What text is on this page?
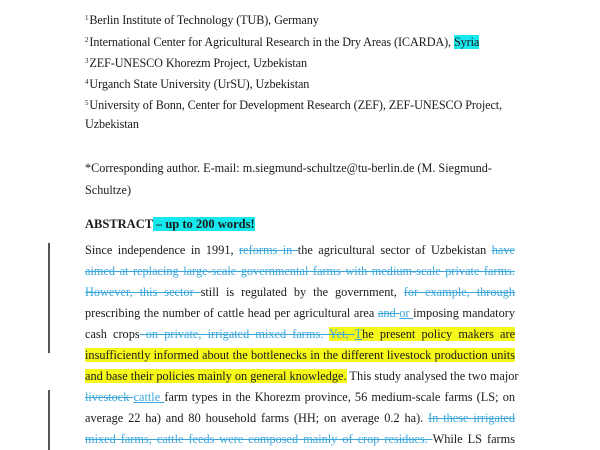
$^1$Berlin Institute of Technology (TUB), Germany
$^2$International Center for Agricultural Research in the Dry Areas (ICARDA), Syria
$^3$ZEF-UNESCO Khorezm Project, Uzbekistan
$^4$Urganch State University (UrSU), Uzbekistan
$^5$University of Bonn, Center for Development Research (ZEF), ZEF-UNESCO Project,
Uzbekistan
*Corresponding author. E-mail: m.siegmund-schultze@tu-berlin.de (M. Siegmund-
Schultze)
ABSTRACT – up to 200 words!
Since independence in 1991, reforms in the agricultural sector of Uzbekistan have
aimed at replacing large-scale governmental farms with medium-scale private farms.
However, this sector still is regulated by the government, for example, through
prescribing the number of cattle head per agricultural area and or imposing mandatory
cash crops on private, irrigated mixed farms. Yet, The present policy makers are
insufficiently informed about the bottlenecks in the different livestock production units
and base their policies mainly on general knowledge. This study analysed the two major
livestock cattle farm types in the Khorezm province, 56 medium-scale farms (LS; on
average 22 ha) and 80 household farms (HH; on average 0.2 ha). In these irrigated
mixed farms, cattle feeds were composed mainly of crop residues. While LS farms
